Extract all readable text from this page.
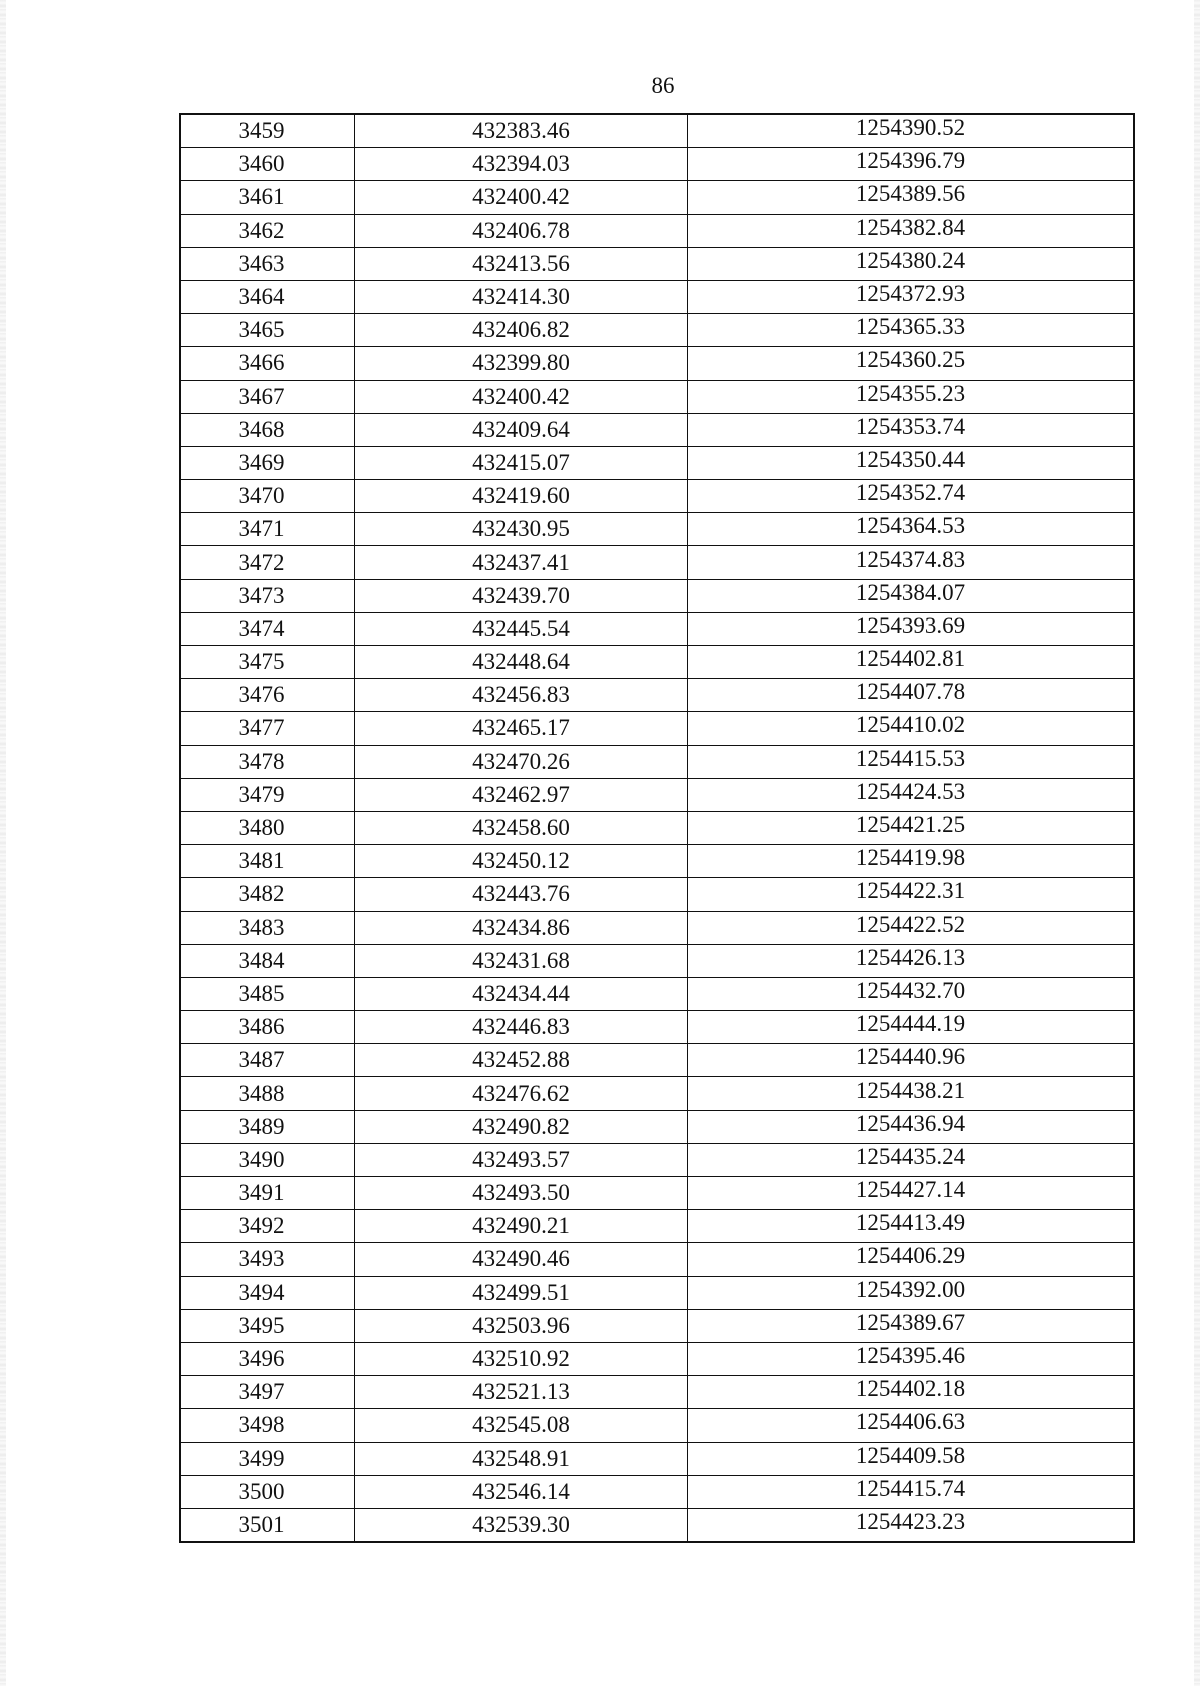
86
3459	432383.46	1254390.52
3460	432394.03	1254396.79
3461	432400.42	1254389.56
3462	432406.78	1254382.84
3463	432413.56	1254380.24
3464	432414.30	1254372.93
3465	432406.82	1254365.33
3466	432399.80	1254360.25
3467	432400.42	1254355.23
3468	432409.64	1254353.74
3469	432415.07	1254350.44
3470	432419.60	1254352.74
3471	432430.95	1254364.53
3472	432437.41	1254374.83
3473	432439.70	1254384.07
3474	432445.54	1254393.69
3475	432448.64	1254402.81
3476	432456.83	1254407.78
3477	432465.17	1254410.02
3478	432470.26	1254415.53
3479	432462.97	1254424.53
3480	432458.60	1254421.25
3481	432450.12	1254419.98
3482	432443.76	1254422.31
3483	432434.86	1254422.52
3484	432431.68	1254426.13
3485	432434.44	1254432.70
3486	432446.83	1254444.19
3487	432452.88	1254440.96
3488	432476.62	1254438.21
3489	432490.82	1254436.94
3490	432493.57	1254435.24
3491	432493.50	1254427.14
3492	432490.21	1254413.49
3493	432490.46	1254406.29
3494	432499.51	1254392.00
3495	432503.96	1254389.67
3496	432510.92	1254395.46
3497	432521.13	1254402.18
3498	432545.08	1254406.63
3499	432548.91	1254409.58
3500	432546.14	1254415.74
3501	432539.30	1254423.23
